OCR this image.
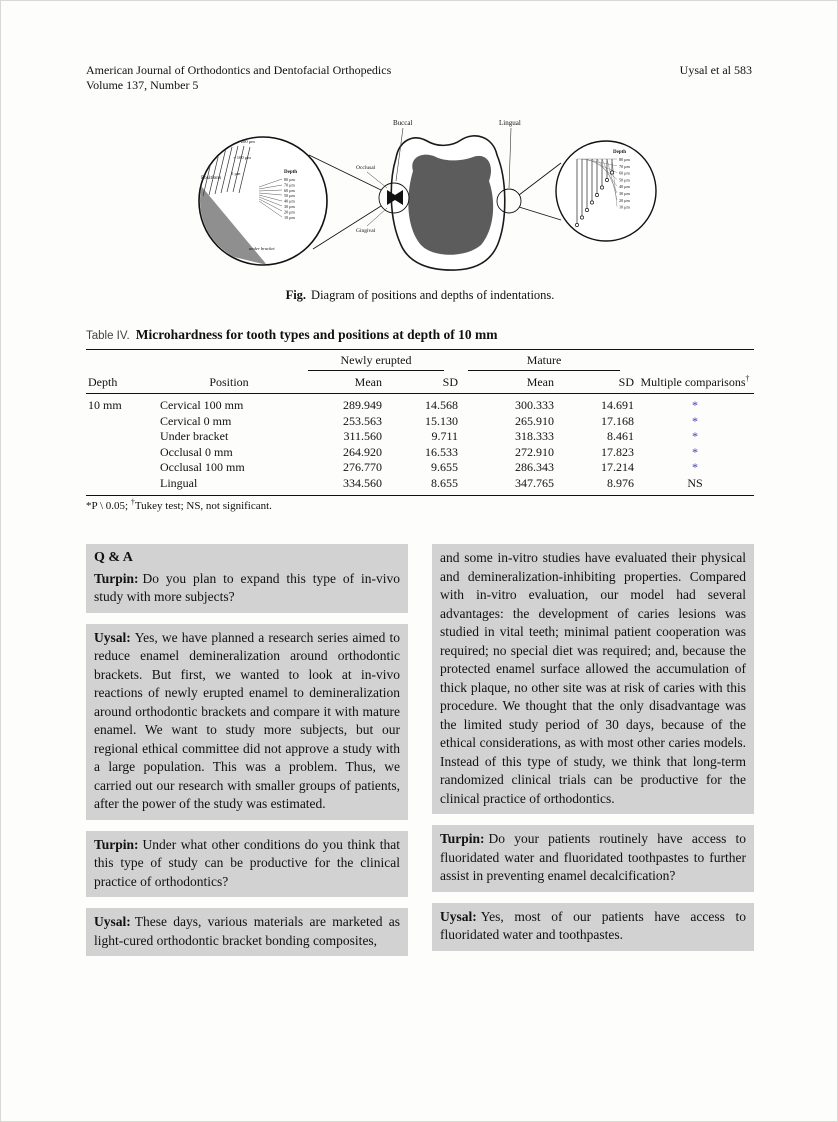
American Journal of Orthodontics and Dentofacial Orthopedics
Volume 137, Number 5
Uysal et al 583
Positions
+ 200 μm
+ 100 μm
0 μm	Depth
80 μm
70 μm
60 μm
50 μm
40 μm
30 μm
20 μm
10 μm
under bracket
Occlusal
Gingival
Buccal	Lingual
Depth
80 μm
70 μm
60 μm
50 μm
40 μm
30 μm
20 μm
10 μm
Fig. Diagram of positions and depths of indentations.
Table IV. Microhardness for tooth types and positions at depth of 10 mm

		Newly erupted		Mature		

Depth	Position	Mean	SD	Mean	SD	Multiple comparisons†
10 mm	Cervical 100 mm	289.949	14.568	300.333	14.691	*
	Cervical 0 mm	253.563	15.130	265.910	17.168	*
	Under bracket	311.560	9.711	318.333	8.461	*
	Occlusal 0 mm	264.920	16.533	272.910	17.823	*
	Occlusal 100 mm	276.770	9.655	286.343	17.214	*
	Lingual	334.560	8.655	347.765	8.976	NS
*P \ 0.05; †Tukey test; NS, not significant.
Q & A

Turpin: Do you plan to expand this type of in-vivo study with more subjects?

Uysal: Yes, we have planned a research series aimed to reduce enamel demineralization around orthodontic brackets. But first, we wanted to look at in-vivo reactions of newly erupted enamel to demineralization around orthodontic brackets and compare it with mature enamel. We want to study more subjects, but our regional ethical committee did not approve a study with a large population. This was a problem. Thus, we carried out our research with smaller groups of patients, after the power of the study was estimated.

Turpin: Under what other conditions do you think that this type of study can be productive for the clinical practice of orthodontics?

Uysal: These days, various materials are marketed as light-cured orthodontic bracket bonding composites,

and some in-vitro studies have evaluated their physical and demineralization-inhibiting properties. Compared with in-vitro evaluation, our model had several advantages: the development of caries lesions was studied in vital teeth; minimal patient cooperation was required; no special diet was required; and, because the protected enamel surface allowed the accumulation of thick plaque, no other site was at risk of caries with this procedure. We thought that the only disadvantage was the limited study period of 30 days, because of the ethical considerations, as with most other caries models. Instead of this type of study, we think that long-term randomized clinical trials can be productive for the clinical practice of orthodontics.

Turpin: Do your patients routinely have access to fluoridated water and fluoridated toothpastes to further assist in preventing enamel decalcification?

Uysal: Yes, most of our patients have access to fluoridated water and toothpastes.
